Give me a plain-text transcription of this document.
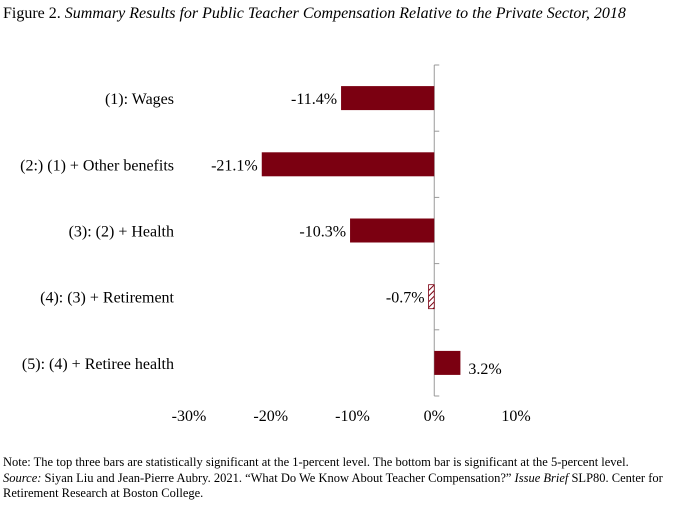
Figure 2. Summary Results for Public Teacher Compensation Relative to the Private Sector, 2018
-30%	-20%	-10%	0%	10%
(1): Wages	-11.4%
(2:) (1) + Other benefits -21.1%
(3): (2) + Health	-10.3%
(4): (3) + Retirement	-0.7%
(5): (4) + Retiree health	3.2%
Note: The top three bars are statistically significant at the 1-percent level. The bottom bar is significant at the 5-percent level.
Source: Siyan Liu and Jean-Pierre Aubry. 2021. “What Do We Know About Teacher Compensation?” Issue Brief SLP80. Center for Retirement Research at Boston College.
